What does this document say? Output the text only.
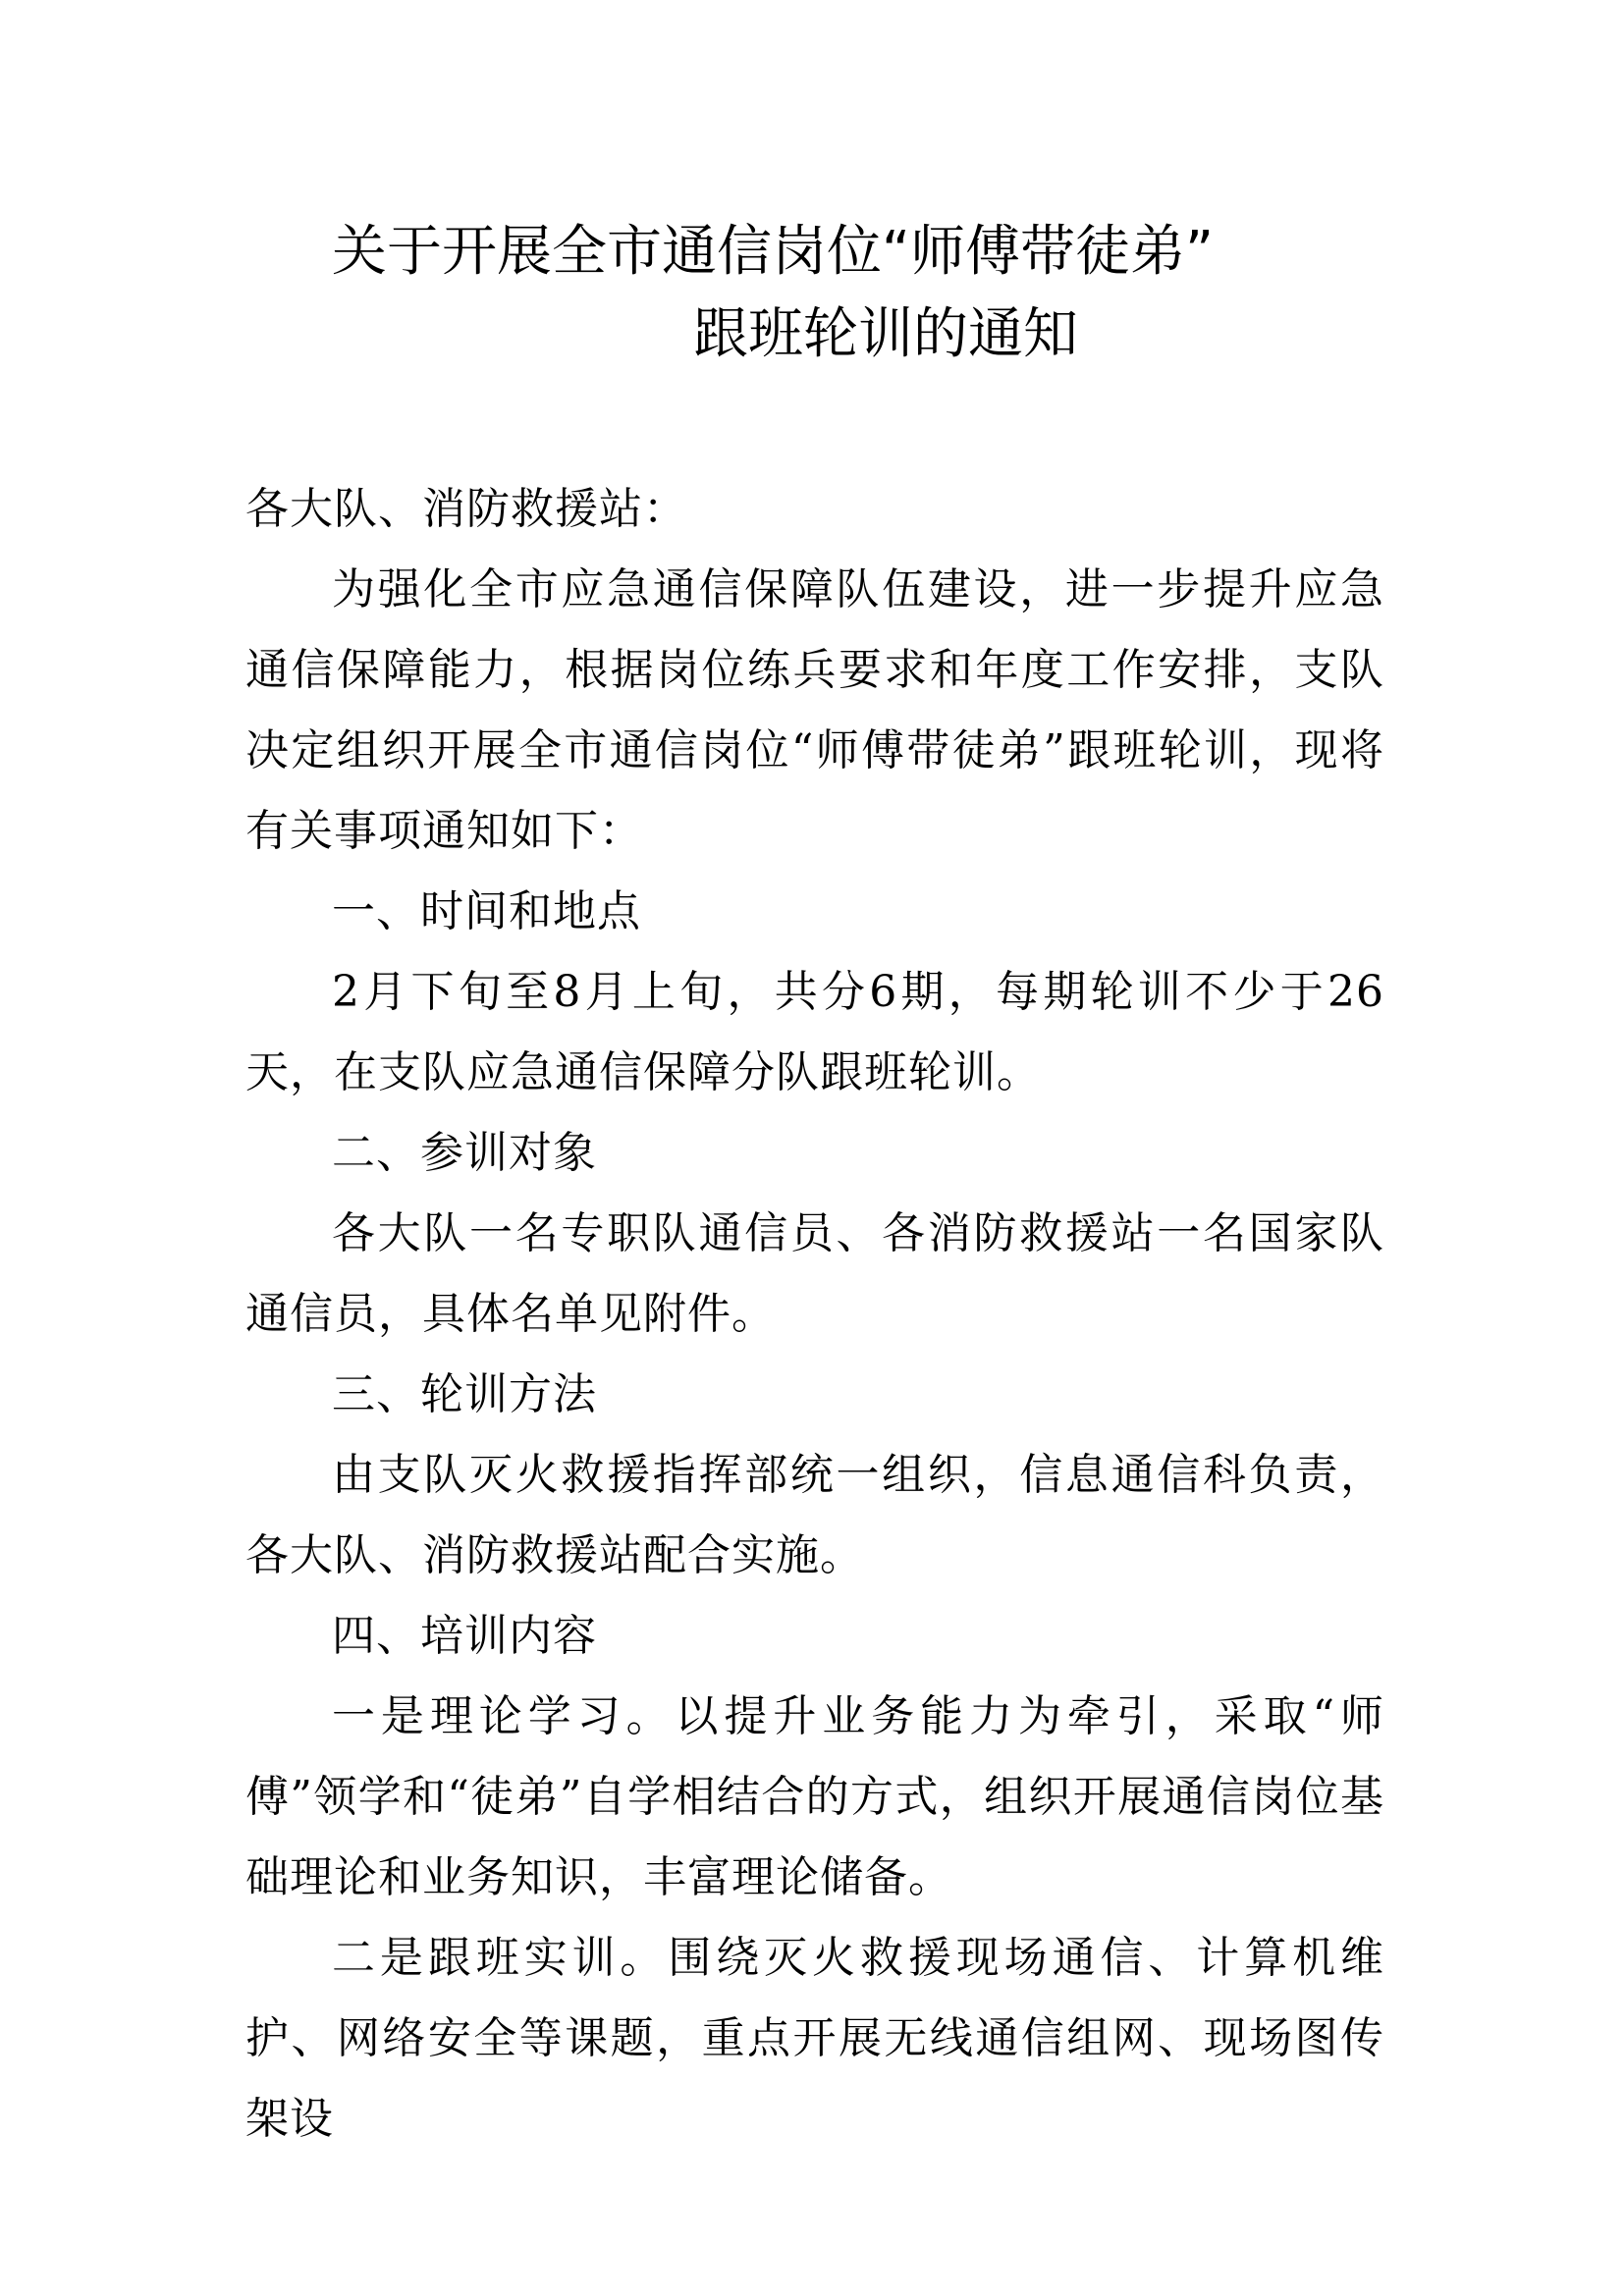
关于开展全市通信岗位“师傅带徒弟”
跟班轮训的通知

各大队、消防救援站：

为强化全市应急通信保障队伍建设，进一步提升应急通信保障能力，根据岗位练兵要求和年度工作安排，支队决定组织开展全市通信岗位“师傅带徒弟”跟班轮训，现将有关事项通知如下：

一、时间和地点

2月下旬至8月上旬，共分6期，每期轮训不少于26天，在支队应急通信保障分队跟班轮训。

二、参训对象

各大队一名专职队通信员、各消防救援站一名国家队通信员，具体名单见附件。

三、轮训方法

由支队灭火救援指挥部统一组织，信息通信科负责，各大队、消防救援站配合实施。

四、培训内容

一是理论学习。以提升业务能力为牵引，采取“师傅”领学和“徒弟”自学相结合的方式，组织开展通信岗位基础理论和业务知识，丰富理论储备。

二是跟班实训。围绕灭火救援现场通信、计算机维护、网络安全等课题，重点开展无线通信组网、现场图传架设
